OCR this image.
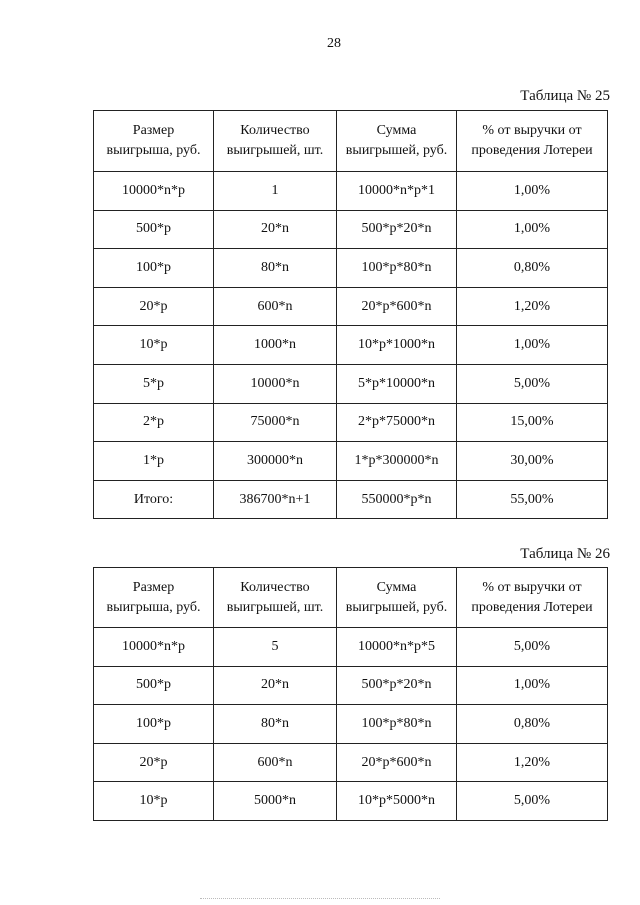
28
Таблица № 25
Размер выигрыша, руб.	Количество выигрышей, шт.	Сумма выигрышей, руб.	% от выручки от проведения Лотереи
10000*n*p	1	10000*n*p*1	1,00%
500*p	20*n	500*p*20*n	1,00%
100*p	80*n	100*p*80*n	0,80%
20*p	600*n	20*p*600*n	1,20%
10*p	1000*n	10*p*1000*n	1,00%
5*p	10000*n	5*p*10000*n	5,00%
2*p	75000*n	2*p*75000*n	15,00%
1*p	300000*n	1*p*300000*n	30,00%
Итого:	386700*n+1	550000*p*n	55,00%
Таблица № 26
Размер выигрыша, руб.	Количество выигрышей, шт.	Сумма выигрышей, руб.	% от выручки от проведения Лотереи
10000*n*p	5	10000*n*p*5	5,00%
500*p	20*n	500*p*20*n	1,00%
100*p	80*n	100*p*80*n	0,80%
20*p	600*n	20*p*600*n	1,20%
10*p	5000*n	10*p*5000*n	5,00%
